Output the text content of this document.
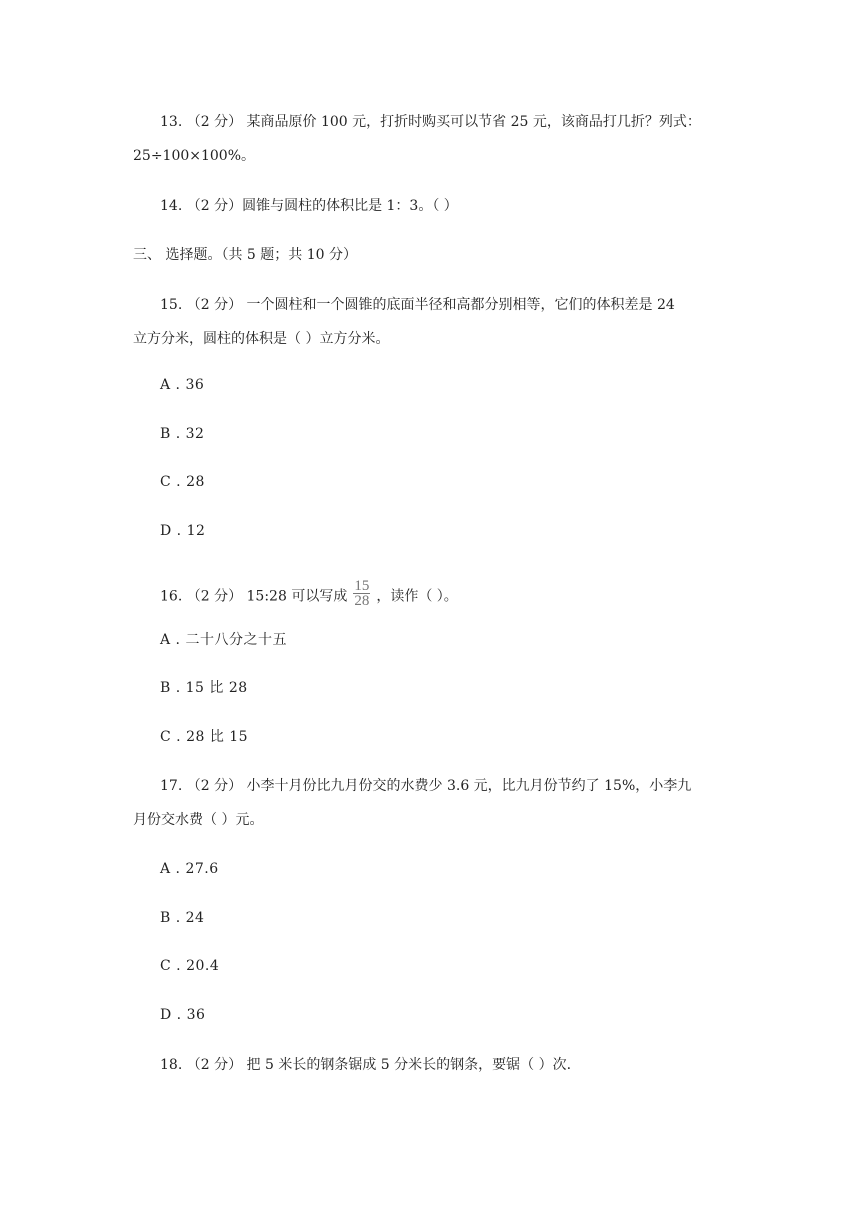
13. （2 分） 某商品原价 100 元，打折时购买可以节省 25 元，该商品打几折？列式：
25÷100×100%。
14. （2 分）圆锥与圆柱的体积比是 1：3。（ ）
三、 选择题。（共 5 题；共 10 分）
15. （2 分） 一个圆柱和一个圆锥的底面半径和高都分别相等，它们的体积差是 24
立方分米，圆柱的体积是（ ）立方分米。
A . 36
B . 32
C . 28
D . 12
16. （2 分） 15:28 可以写成 $\frac{15}{28}$ ，读作（ ）。
A . 二十八分之十五
B . 15 比 28
C . 28 比 15
17. （2 分） 小李十月份比九月份交的水费少 3.6 元，比九月份节约了 15%，小李九
月份交水费（ ）元。
A . 27.6
B . 24
C . 20.4
D . 36
18. （2 分） 把 5 米长的钢条锯成 5 分米长的钢条，要锯（ ）次.
